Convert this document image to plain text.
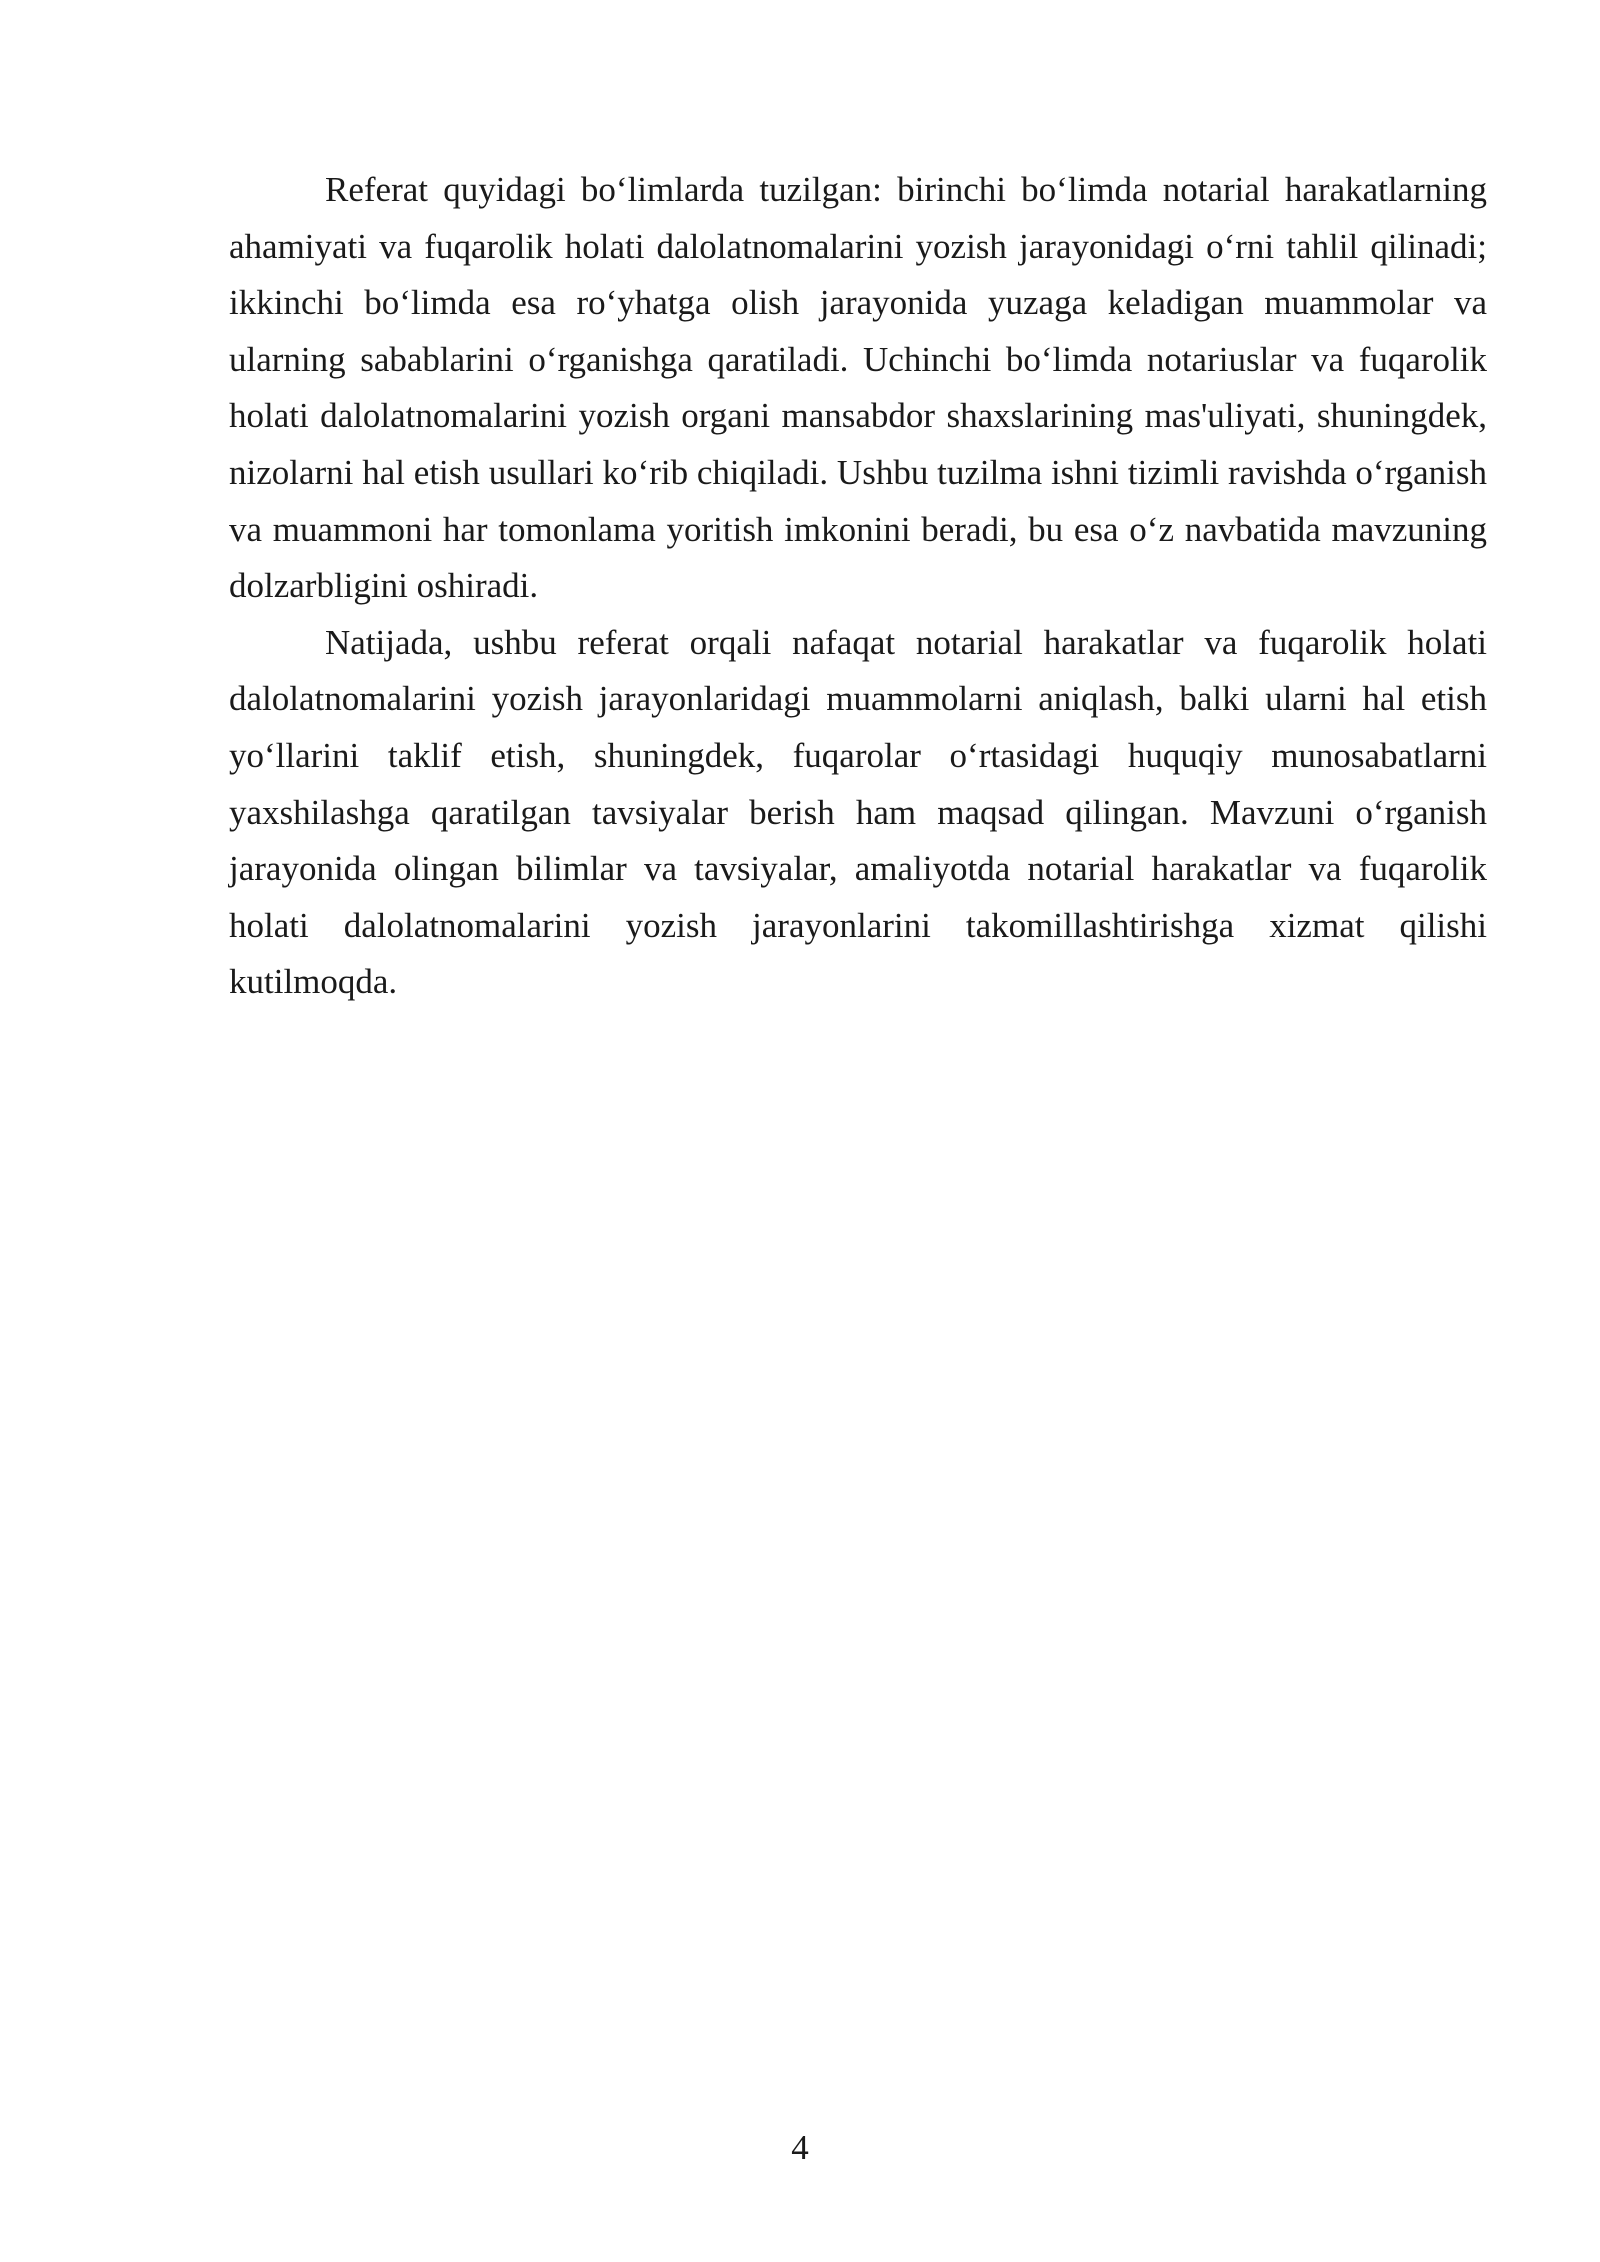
Referat quyidagi boʻlimlarda tuzilgan: birinchi boʻlimda notarial harakatlarning ahamiyati va fuqarolik holati dalolatnomalarini yozish jarayonidagi oʻrni tahlil qilinadi; ikkinchi boʻlimda esa roʻyhatga olish jarayonida yuzaga keladigan muammolar va ularning sabablarini oʻrganishga qaratiladi. Uchinchi boʻlimda notariuslar va fuqarolik holati dalolatnomalarini yozish organi mansabdor shaxslarining mas'uliyati, shuningdek, nizolarni hal etish usullari koʻrib chiqiladi. Ushbu tuzilma ishni tizimli ravishda oʻrganish va muammoni har tomonlama yoritish imkonini beradi, bu esa oʻz navbatida mavzuning dolzarbligini oshiradi.

Natijada, ushbu referat orqali nafaqat notarial harakatlar va fuqarolik holati dalolatnomalarini yozish jarayonlaridagi muammolarni aniqlash, balki ularni hal etish yoʻllarini taklif etish, shuningdek, fuqarolar oʻrtasidagi huquqiy munosabatlarni yaxshilashga qaratilgan tavsiyalar berish ham maqsad qilingan. Mavzuni oʻrganish jarayonida olingan bilimlar va tavsiyalar, amaliyotda notarial harakatlar va fuqarolik holati dalolatnomalarini yozish jarayonlarini takomillashtirishga xizmat qilishi kutilmoqda.

4
